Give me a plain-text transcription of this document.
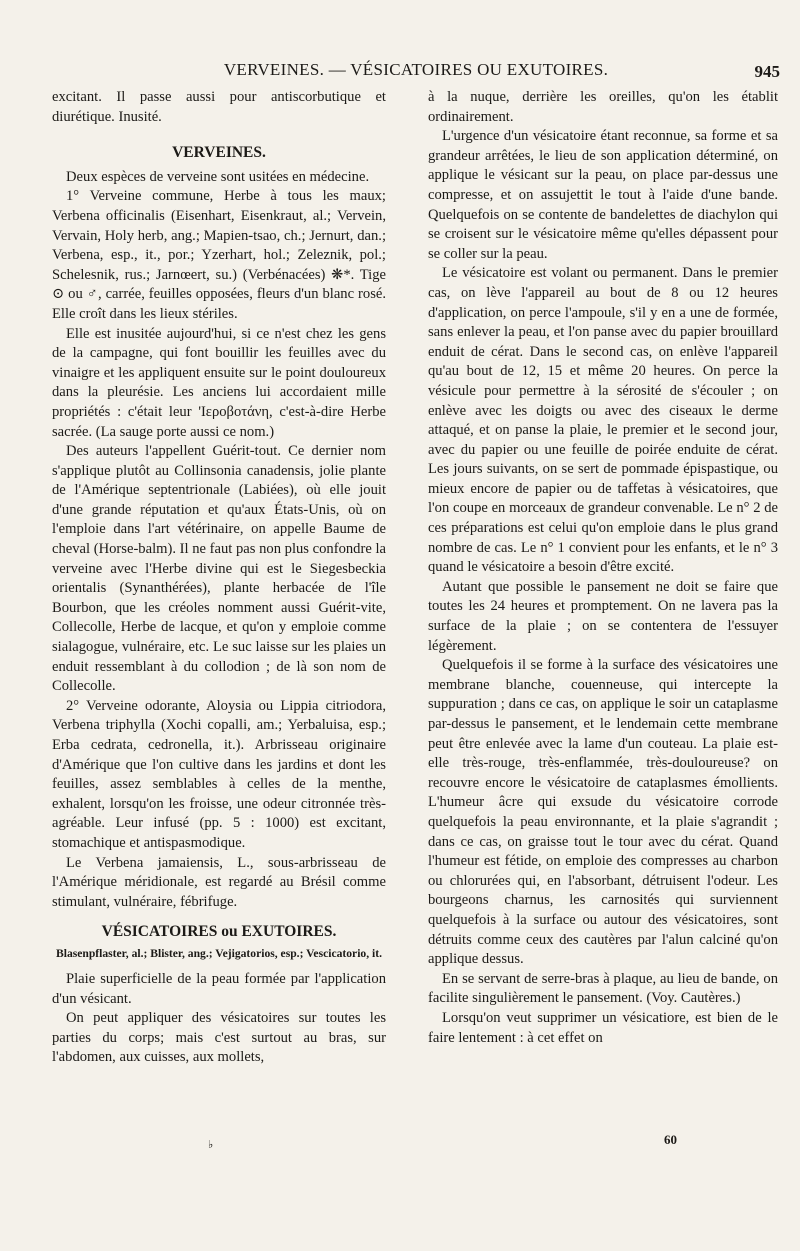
VERVEINES. — VÉSICATOIRES OU EXUTOIRES.	945

excitant. Il passe aussi pour antiscorbutique et diurétique. Inusité.

VERVEINES.

Deux espèces de verveine sont usitées en médecine.

1° Verveine commune, Herbe à tous les maux; Verbena officinalis (Eisenhart, Eisenkraut, al.; Vervein, Vervain, Holy herb, ang.; Mapien-tsao, ch.; Jernurt, dan.; Verbena, esp., it., por.; Yzerhart, hol.; Zeleznik, pol.; Schelesnik, rus.; Jarnœert, su.) (Verbénacées) ❋*. Tige ⊙ ou ♂, carrée, feuilles opposées, fleurs d'un blanc rosé. Elle croît dans les lieux stériles.

Elle est inusitée aujourd'hui, si ce n'est chez les gens de la campagne, qui font bouillir les feuilles avec du vinaigre et les appliquent ensuite sur le point douloureux dans la pleurésie. Les anciens lui accordaient mille propriétés : c'était leur 'Ιεροβοτάνη, c'est-à-dire Herbe sacrée. (La sauge porte aussi ce nom.)

Des auteurs l'appellent Guérit-tout. Ce dernier nom s'applique plutôt au Collinsonia canadensis, jolie plante de l'Amérique septentrionale (Labiées), où elle jouit d'une grande réputation et qu'aux États-Unis, où on l'emploie dans l'art vétérinaire, on appelle Baume de cheval (Horse-balm). Il ne faut pas non plus confondre la verveine avec l'Herbe divine qui est le Siegesbeckia orientalis (Synanthérées), plante herbacée de l'île Bourbon, que les créoles nomment aussi Guérit-vite, Collecolle, Herbe de lacque, et qu'on y emploie comme sialagogue, vulnéraire, etc. Le suc laisse sur les plaies un enduit ressemblant à du collodion ; de là son nom de Collecolle.

2° Verveine odorante, Aloysia ou Lippia citriodora, Verbena triphylla (Xochi copalli, am.; Yerbaluisa, esp.; Erba cedrata, cedronella, it.). Arbrisseau originaire d'Amérique que l'on cultive dans les jardins et dont les feuilles, assez semblables à celles de la menthe, exhalent, lorsqu'on les froisse, une odeur citronnée très-agréable. Leur infusé (pp. 5 : 1000) est excitant, stomachique et antispasmodique.

Le Verbena jamaiensis, L., sous-arbrisseau de l'Amérique méridionale, est regardé au Brésil comme stimulant, vulnéraire, fébrifuge.

VÉSICATOIRES ou EXUTOIRES.
Blasenpflaster, al.; Blister, ang.; Vejigatorios, esp.; Vescicatorio, it.

Plaie superficielle de la peau formée par l'application d'un vésicant.

On peut appliquer des vésicatoires sur toutes les parties du corps; mais c'est surtout au bras, sur l'abdomen, aux cuisses, aux mollets,

à la nuque, derrière les oreilles, qu'on les établit ordinairement.

L'urgence d'un vésicatoire étant reconnue, sa forme et sa grandeur arrêtées, le lieu de son application déterminé, on applique le vésicant sur la peau, on place par-dessus une compresse, et on assujettit le tout à l'aide d'une bande. Quelquefois on se contente de bandelettes de diachylon qui se croisent sur le vésicatoire même qu'elles dépassent pour se coller sur la peau.

Le vésicatoire est volant ou permanent. Dans le premier cas, on lève l'appareil au bout de 8 ou 12 heures d'application, on perce l'ampoule, s'il y en a une de formée, sans enlever la peau, et l'on panse avec du papier brouillard enduit de cérat. Dans le second cas, on enlève l'appareil qu'au bout de 12, 15 et même 20 heures. On perce la vésicule pour permettre à la sérosité de s'écouler ; on enlève avec les doigts ou avec des ciseaux le derme attaqué, et on panse la plaie, le premier et le second jour, avec du papier ou une feuille de poirée enduite de cérat. Les jours suivants, on se sert de pommade épispastique, ou mieux encore de papier ou de taffetas à vésicatoires, que l'on coupe en morceaux de grandeur convenable. Le n° 2 de ces préparations est celui qu'on emploie dans le plus grand nombre de cas. Le n° 1 convient pour les enfants, et le n° 3 quand le vésicatoire a besoin d'être excité.

Autant que possible le pansement ne doit se faire que toutes les 24 heures et promptement. On ne lavera pas la surface de la plaie ; on se contentera de l'essuyer légèrement.

Quelquefois il se forme à la surface des vésicatoires une membrane blanche, couenneuse, qui intercepte la suppuration ; dans ce cas, on applique le soir un cataplasme par-dessus le pansement, et le lendemain cette membrane peut être enlevée avec la lame d'un couteau. La plaie est-elle très-rouge, très-enflammée, très-douloureuse? on recouvre encore le vésicatoire de cataplasmes émollients. L'humeur âcre qui exsude du vésicatoire corrode quelquefois la peau environnante, et la plaie s'agrandit ; dans ce cas, on graisse tout le tour avec du cérat. Quand l'humeur est fétide, on emploie des compresses au charbon ou chlorurées qui, en l'absorbant, détruisent l'odeur. Les bourgeons charnus, les carnosités qui surviennent quelquefois à la surface ou autour des vésicatoires, sont détruits comme ceux des cautères par l'alun calciné qu'on applique dessus.

En se servant de serre-bras à plaque, au lieu de bande, on facilite singulièrement le pansement. (Voy. Cautères.)

Lorsqu'on veut supprimer un vésicatiore, est bien de le faire lentement : à cet effet on

♭	60
